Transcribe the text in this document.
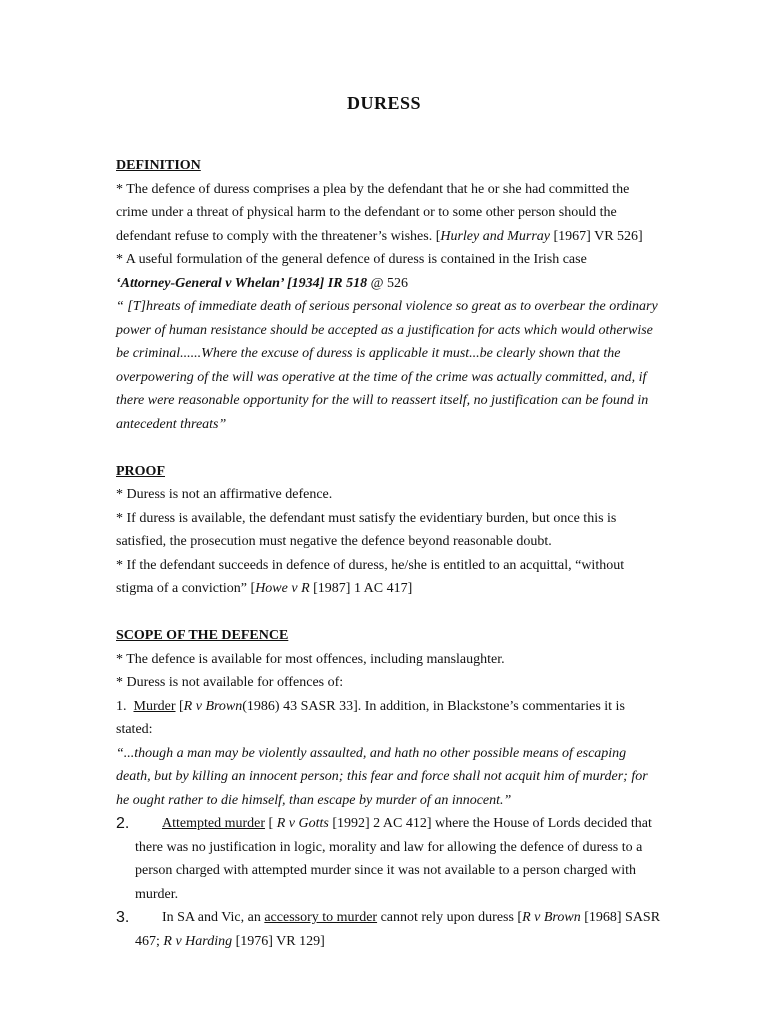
DURESS

DEFINITION

* The defence of duress comprises a plea by the defendant that he or she had committed the crime under a threat of physical harm to the defendant or to some other person should the defendant refuse to comply with the threatener’s wishes. [Hurley and Murray [1967] VR 526]

* A useful formulation of the general defence of duress is contained in the Irish case

‘Attorney-General v Whelan’ [1934] IR 518 @ 526

“ [T]hreats of immediate death of serious personal violence so great as to overbear the ordinary power of human resistance should be accepted as a justification for acts which would otherwise be criminal......Where the excuse of duress is applicable it must...be clearly shown that the overpowering of the will was operative at the time of the crime was actually committed, and, if there were reasonable opportunity for the will to reassert itself, no justification can be found in antecedent threats”

PROOF

* Duress is not an affirmative defence.

* If duress is available, the defendant must satisfy the evidentiary burden, but once this is satisfied, the prosecution must negative the defence beyond reasonable doubt.

* If the defendant succeeds in defence of duress, he/she is entitled to an acquittal, “without stigma of a conviction” [Howe v R [1987] 1 AC 417]

SCOPE OF THE DEFENCE

* The defence is available for most offences, including manslaughter.

* Duress is not available for offences of:

1. Murder [R v Brown(1986) 43 SASR 33]. In addition, in Blackstone’s commentaries it is stated:

“...though a man may be violently assaulted, and hath no other possible means of escaping death, but by killing an innocent person; this fear and force shall not acquit him of murder; for he ought rather to die himself, than escape by murder of an innocent.”

2.	Attempted murder [ R v Gotts [1992] 2 AC 412] where the House of Lords decided that there was no justification in logic, morality and law for allowing the defence of duress to a person charged with attempted murder since it was not available to a person charged with murder.

3.	In SA and Vic, an accessory to murder cannot rely upon duress [R v Brown [1968] SASR 467; R v Harding [1976] VR 129]
